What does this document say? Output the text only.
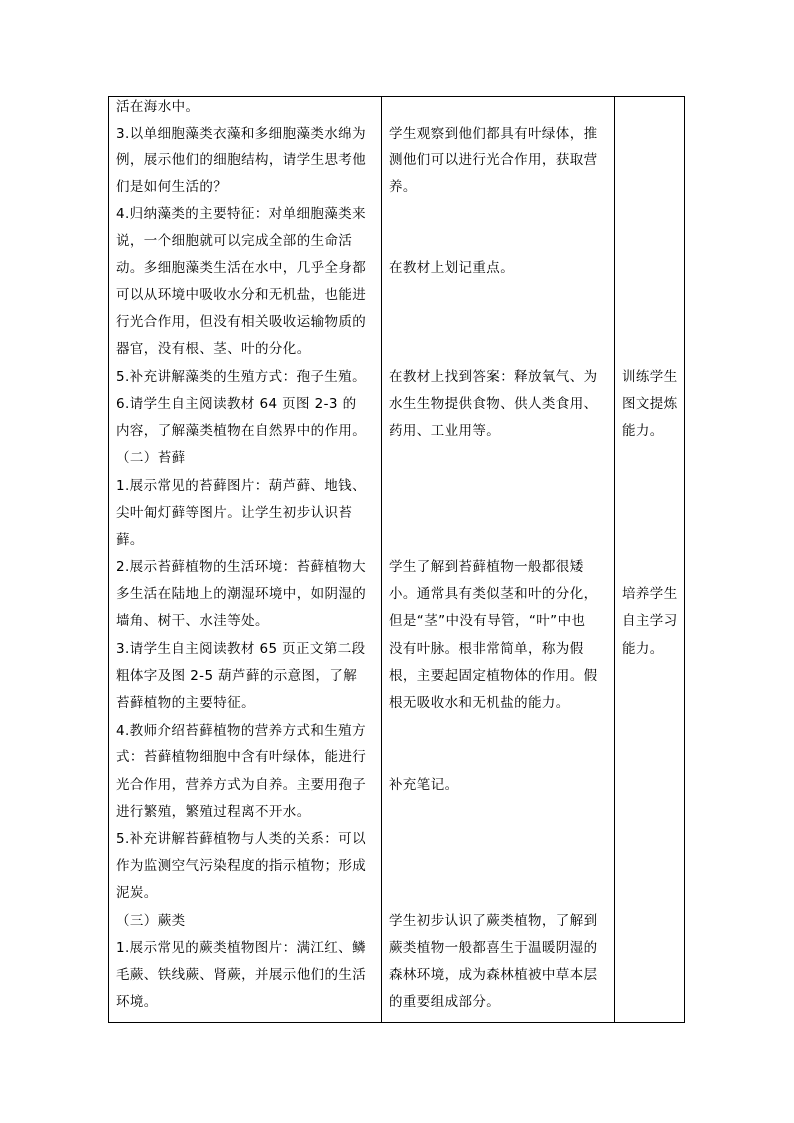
活在海水中。
3.以单细胞藻类衣藻和多细胞藻类水绵为
例，展示他们的细胞结构，请学生思考他
们是如何生活的？
4.归纳藻类的主要特征：对单细胞藻类来
说，一个细胞就可以完成全部的生命活
动。多细胞藻类生活在水中，几乎全身都
可以从环境中吸收水分和无机盐，也能进
行光合作用，但没有相关吸收运输物质的
器官，没有根、茎、叶的分化。
5.补充讲解藻类的生殖方式：孢子生殖。
6.请学生自主阅读教材 64 页图 2-3 的
内容，了解藻类植物在自然界中的作用。
（二）苔藓
1.展示常见的苔藓图片：葫芦藓、地钱、
尖叶匍灯藓等图片。让学生初步认识苔
藓。
2.展示苔藓植物的生活环境：苔藓植物大
多生活在陆地上的潮湿环境中，如阴湿的
墙角、树干、水洼等处。
3.请学生自主阅读教材 65 页正文第二段
粗体字及图 2-5 葫芦藓的示意图，了解
苔藓植物的主要特征。
4.教师介绍苔藓植物的营养方式和生殖方
式：苔藓植物细胞中含有叶绿体，能进行
光合作用，营养方式为自养。主要用孢子
进行繁殖，繁殖过程离不开水。
5.补充讲解苔藓植物与人类的关系：可以
作为监测空气污染程度的指示植物；形成
泥炭。
（三）蕨类
1.展示常见的蕨类植物图片：满江红、鳞
毛蕨、铁线蕨、肾蕨，并展示他们的生活
环境。
学生观察到他们都具有叶绿体，推
测他们可以进行光合作用，获取营
养。
在教材上划记重点。
在教材上找到答案：释放氧气、为
水生生物提供食物、供人类食用、
药用、工业用等。
学生了解到苔藓植物一般都很矮
小。通常具有类似茎和叶的分化，
但是“茎”中没有导管，“叶”中也
没有叶脉。根非常简单，称为假
根，主要起固定植物体的作用。假
根无吸收水和无机盐的能力。
补充笔记。
学生初步认识了蕨类植物，了解到
蕨类植物一般都喜生于温暖阴湿的
森林环境，成为森林植被中草本层
的重要组成部分。
训练学生
图文提炼
能力。
培养学生
自主学习
能力。
